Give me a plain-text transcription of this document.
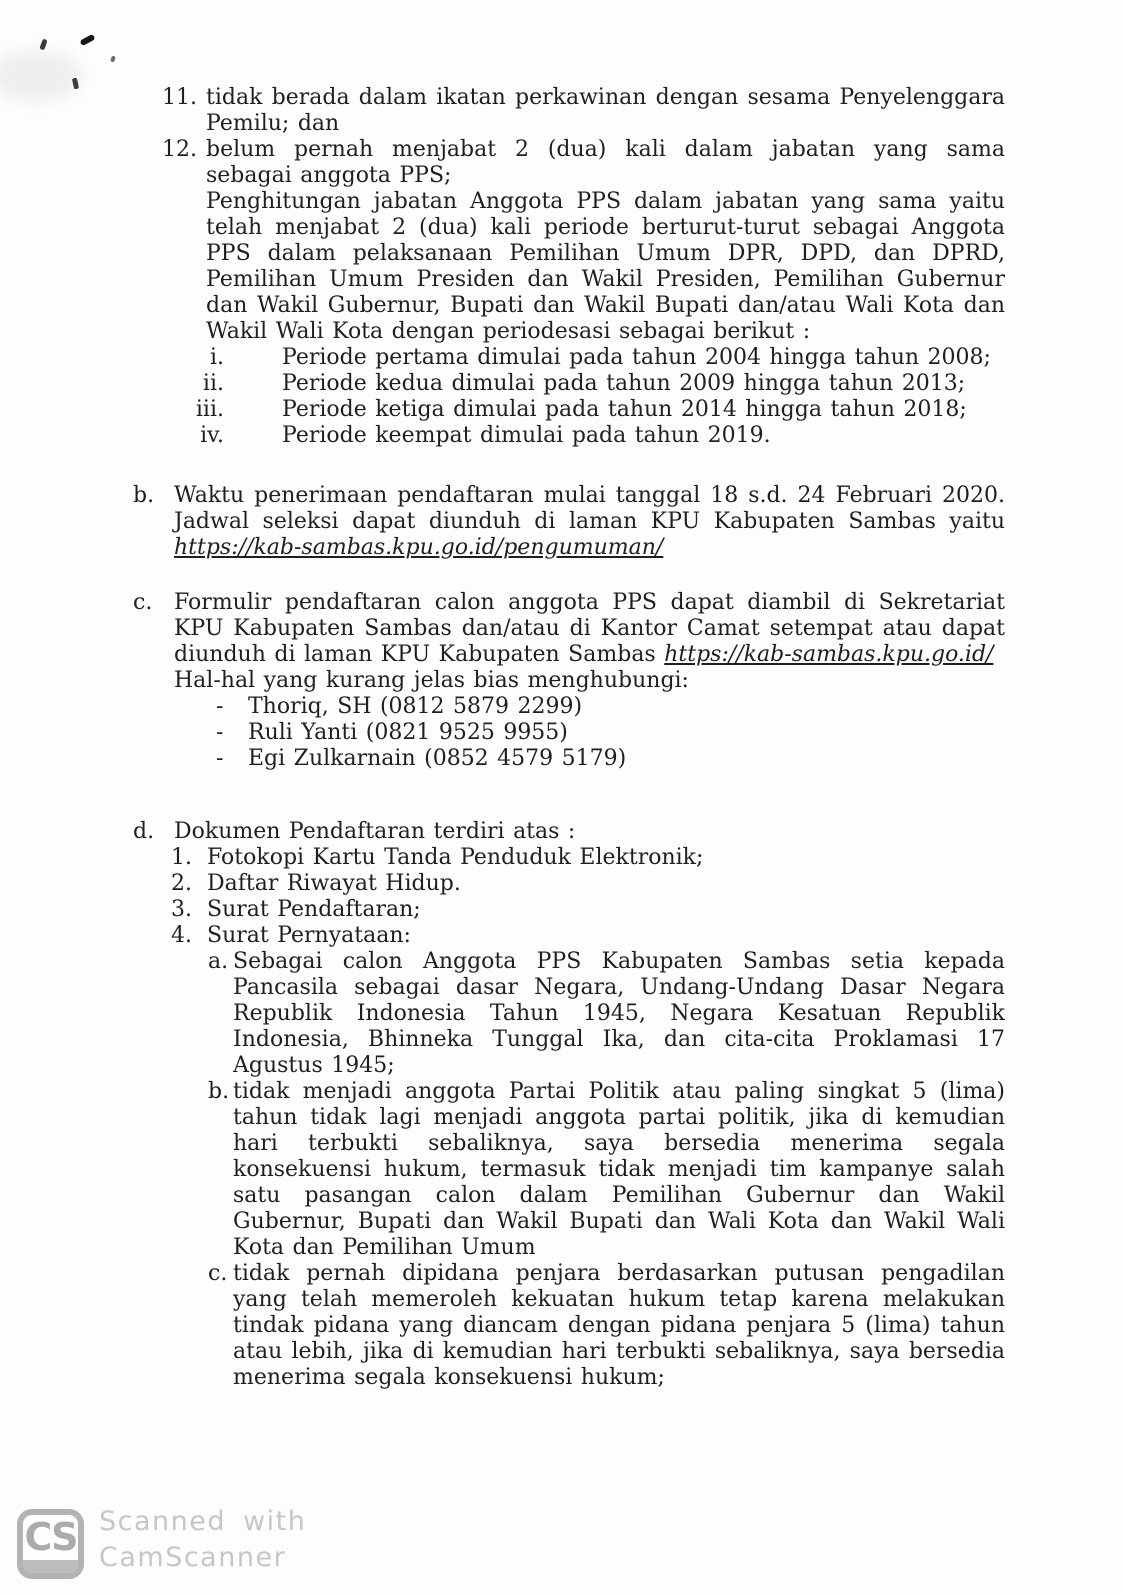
11. tidak berada dalam ikatan perkawinan dengan sesama Penyelenggara Pemilu; dan
12. belum pernah menjabat 2 (dua) kali dalam jabatan yang sama sebagai anggota PPS;
Penghitungan jabatan Anggota PPS dalam jabatan yang sama yaitu telah menjabat 2 (dua) kali periode berturut-turut sebagai Anggota PPS dalam pelaksanaan Pemilihan Umum DPR, DPD, dan DPRD, Pemilihan Umum Presiden dan Wakil Presiden, Pemilihan Gubernur dan Wakil Gubernur, Bupati dan Wakil Bupati dan/atau Wali Kota dan Wakil Wali Kota dengan periodesasi sebagai berikut :
i.	Periode pertama dimulai pada tahun 2004 hingga tahun 2008;
ii.	Periode kedua dimulai pada tahun 2009 hingga tahun 2013;
iii.	Periode ketiga dimulai pada tahun 2014 hingga tahun 2018;
iv.	Periode keempat dimulai pada tahun 2019.
b. Waktu penerimaan pendaftaran mulai tanggal 18 s.d. 24 Februari 2020. Jadwal seleksi dapat diunduh di laman KPU Kabupaten Sambas yaitu
https://kab-sambas.kpu.go.id/pengumuman/
c. Formulir pendaftaran calon anggota PPS dapat diambil di Sekretariat KPU Kabupaten Sambas dan/atau di Kantor Camat setempat atau dapat diunduh di laman KPU Kabupaten Sambas https://kab-sambas.kpu.go.id/
Hal-hal yang kurang jelas bias menghubungi:
- Thoriq, SH (0812 5879 2299)
- Ruli Yanti (0821 9525 9955)
- Egi Zulkarnain (0852 4579 5179)
d. Dokumen Pendaftaran terdiri atas :
1. Fotokopi Kartu Tanda Penduduk Elektronik;
2. Daftar Riwayat Hidup.
3. Surat Pendaftaran;
4. Surat Pernyataan:
a. Sebagai calon Anggota PPS Kabupaten Sambas setia kepada Pancasila sebagai dasar Negara, Undang-Undang Dasar Negara Republik Indonesia Tahun 1945, Negara Kesatuan Republik Indonesia, Bhinneka Tunggal Ika, dan cita-cita Proklamasi 17 Agustus 1945;
b. tidak menjadi anggota Partai Politik atau paling singkat 5 (lima) tahun tidak lagi menjadi anggota partai politik, jika di kemudian hari terbukti sebaliknya, saya bersedia menerima segala konsekuensi hukum, termasuk tidak menjadi tim kampanye salah satu pasangan calon dalam Pemilihan Gubernur dan Wakil Gubernur, Bupati dan Wakil Bupati dan Wali Kota dan Wakil Wali Kota dan Pemilihan Umum
c. tidak pernah dipidana penjara berdasarkan putusan pengadilan yang telah memeroleh kekuatan hukum tetap karena melakukan tindak pidana yang diancam dengan pidana penjara 5 (lima) tahun atau lebih, jika di kemudian hari terbukti sebaliknya, saya bersedia menerima segala konsekuensi hukum;
CS Scanned with
CamScanner
